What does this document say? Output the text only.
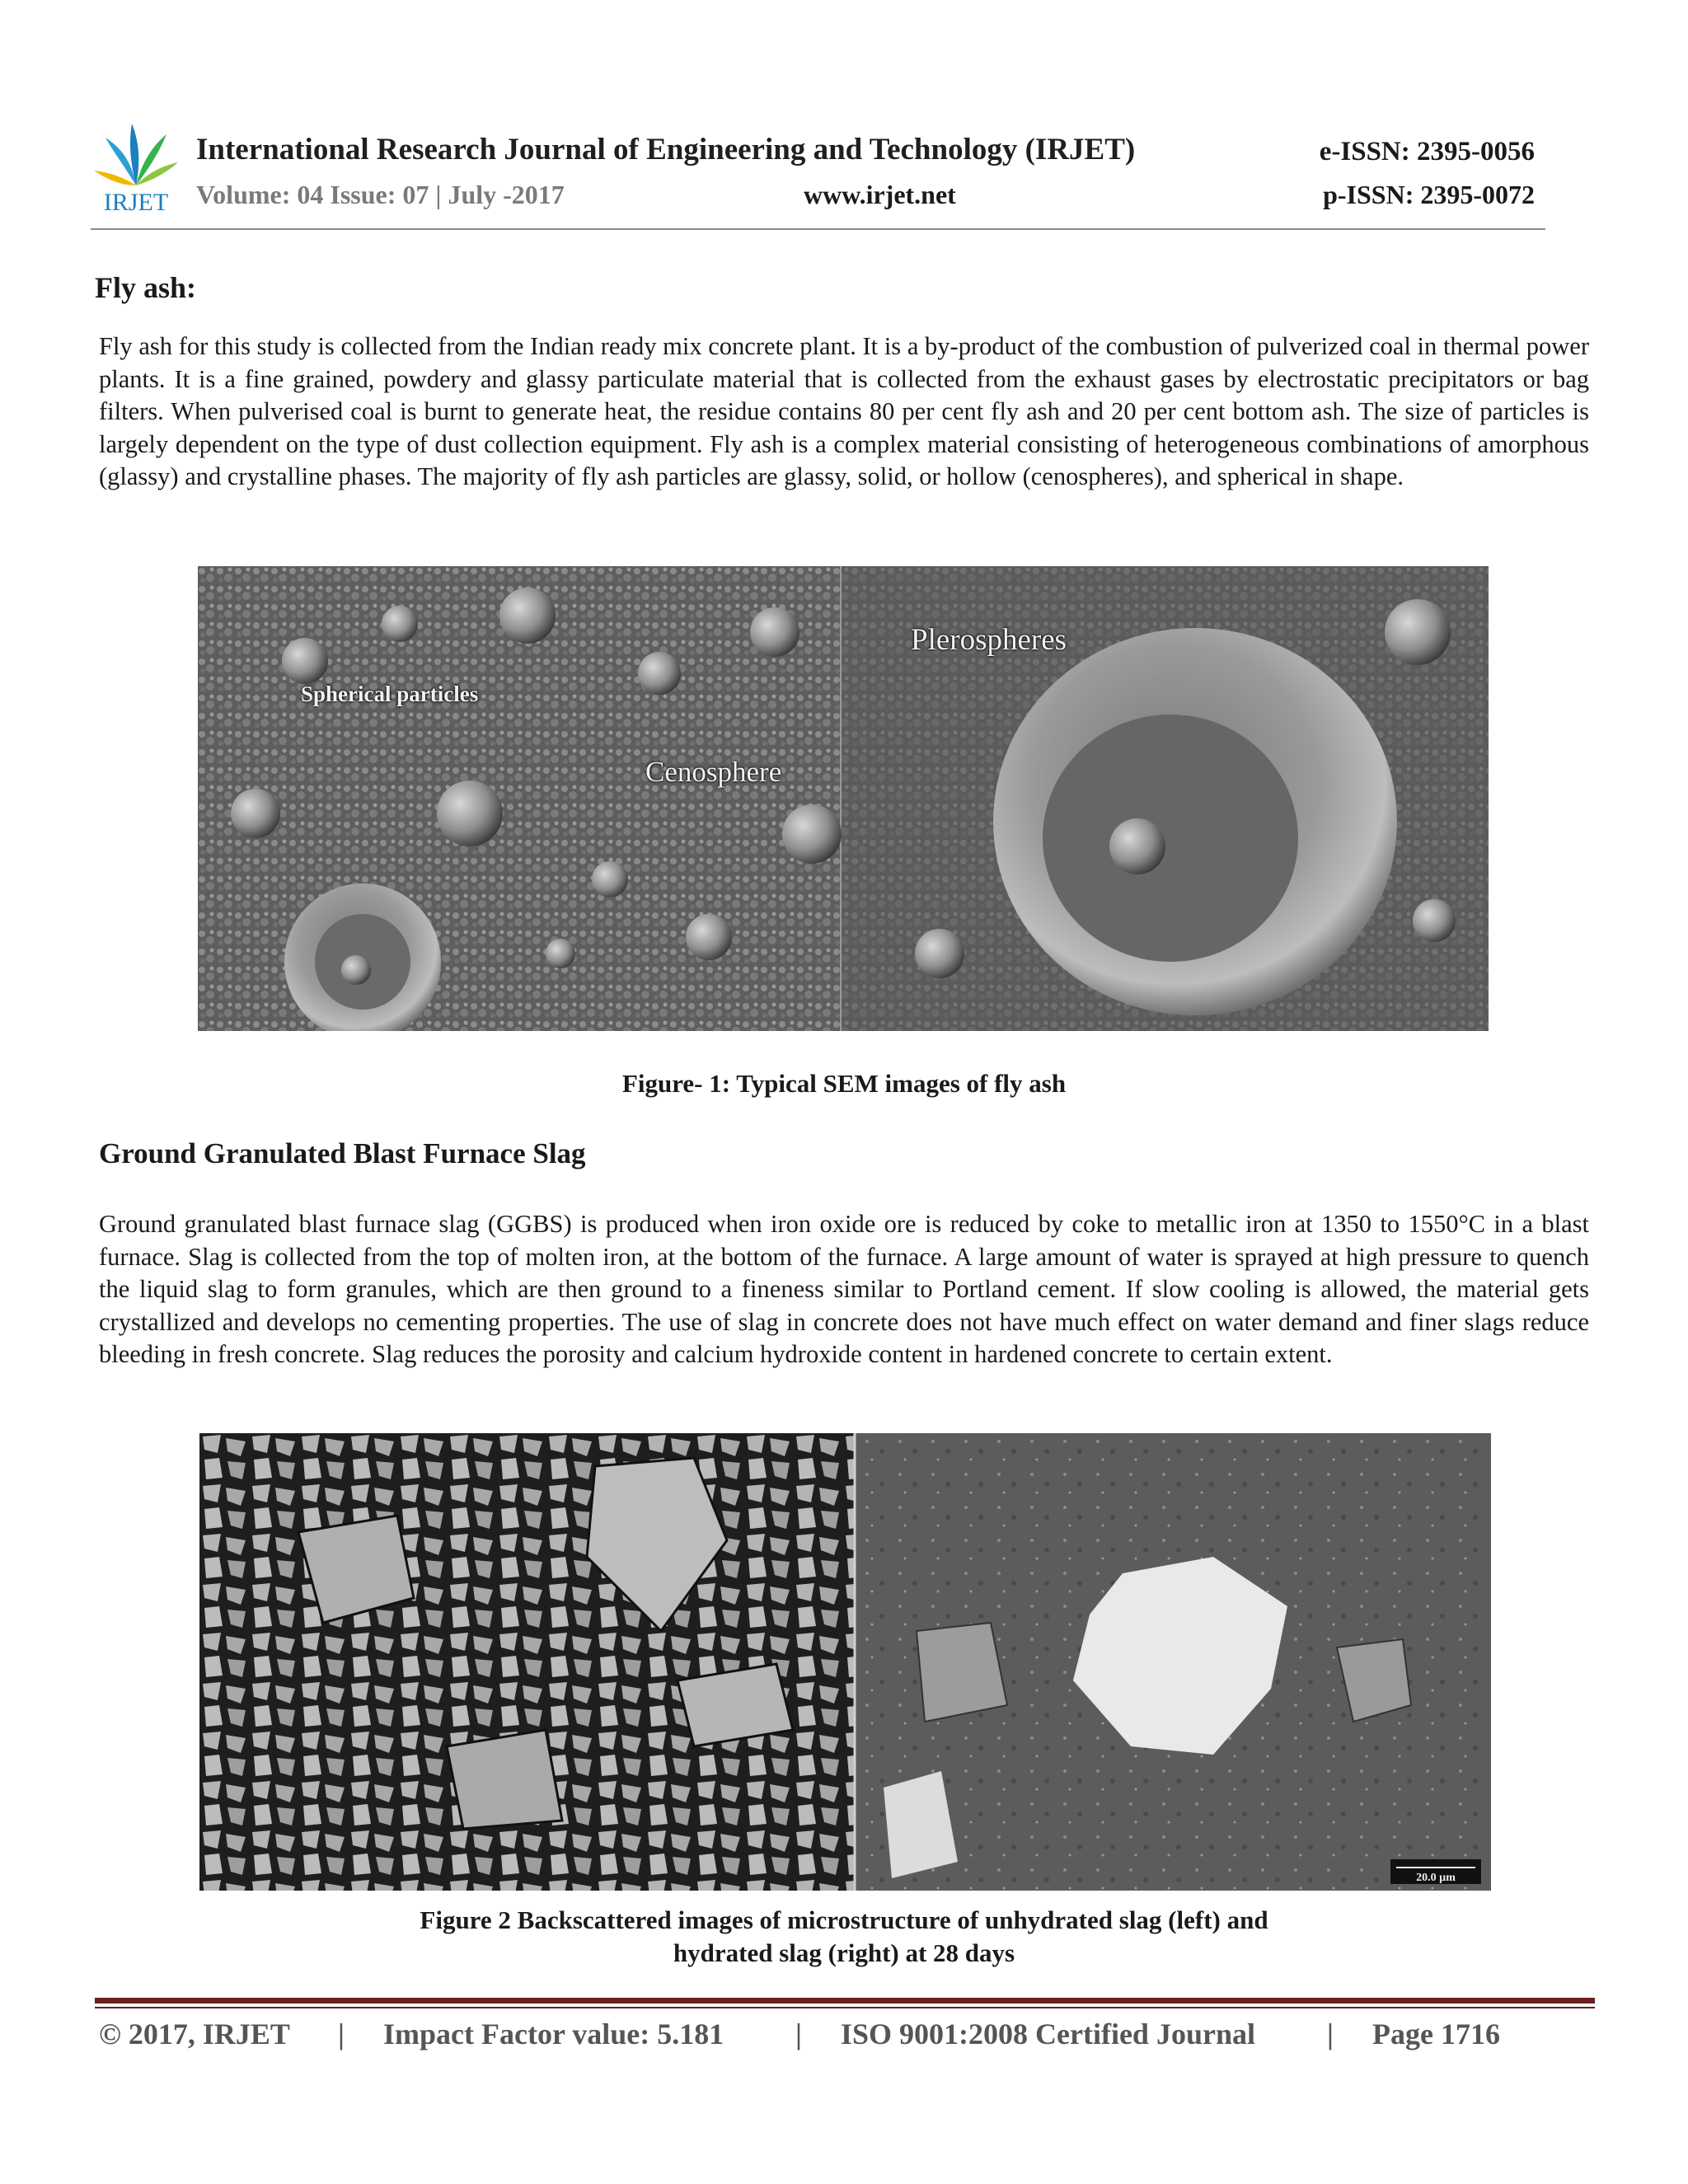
IRJET
International Research Journal of Engineering and Technology (IRJET)	e-ISSN: 2395-0056
Volume: 04 Issue: 07 | July -2017	www.irjet.net	p-ISSN: 2395-0072
Fly ash:
Fly ash for this study is collected from the Indian ready mix concrete plant. It is a by-product of the combustion of pulverized coal in thermal power plants. It is a fine grained, powdery and glassy particulate material that is collected from the exhaust gases by electrostatic precipitators or bag filters. When pulverised coal is burnt to generate heat, the residue contains 80 per cent fly ash and 20 per cent bottom ash. The size of particles is largely dependent on the type of dust collection equipment. Fly ash is a complex material consisting of heterogeneous combinations of amorphous (glassy) and crystalline phases. The majority of fly ash particles are glassy, solid, or hollow (cenospheres), and spherical in shape.
Spherical particles
Cenosphere
Plerospheres
Figure- 1: Typical SEM images of fly ash
Ground Granulated Blast Furnace Slag
Ground granulated blast furnace slag (GGBS) is produced when iron oxide ore is reduced by coke to metallic iron at 1350 to 1550°C in a blast furnace. Slag is collected from the top of molten iron, at the bottom of the furnace. A large amount of water is sprayed at high pressure to quench the liquid slag to form granules, which are then ground to a fineness similar to Portland cement. If slow cooling is allowed, the material gets crystallized and develops no cementing properties. The use of slag in concrete does not have much effect on water demand and finer slags reduce bleeding in fresh concrete. Slag reduces the porosity and calcium hydroxide content in hardened concrete to certain extent.
20.0 µm
Figure 2 Backscattered images of microstructure of unhydrated slag (left) and
hydrated slag (right) at 28 days
© 2017, IRJET | Impact Factor value: 5.181 | ISO 9001:2008 Certified Journal | Page 1716
